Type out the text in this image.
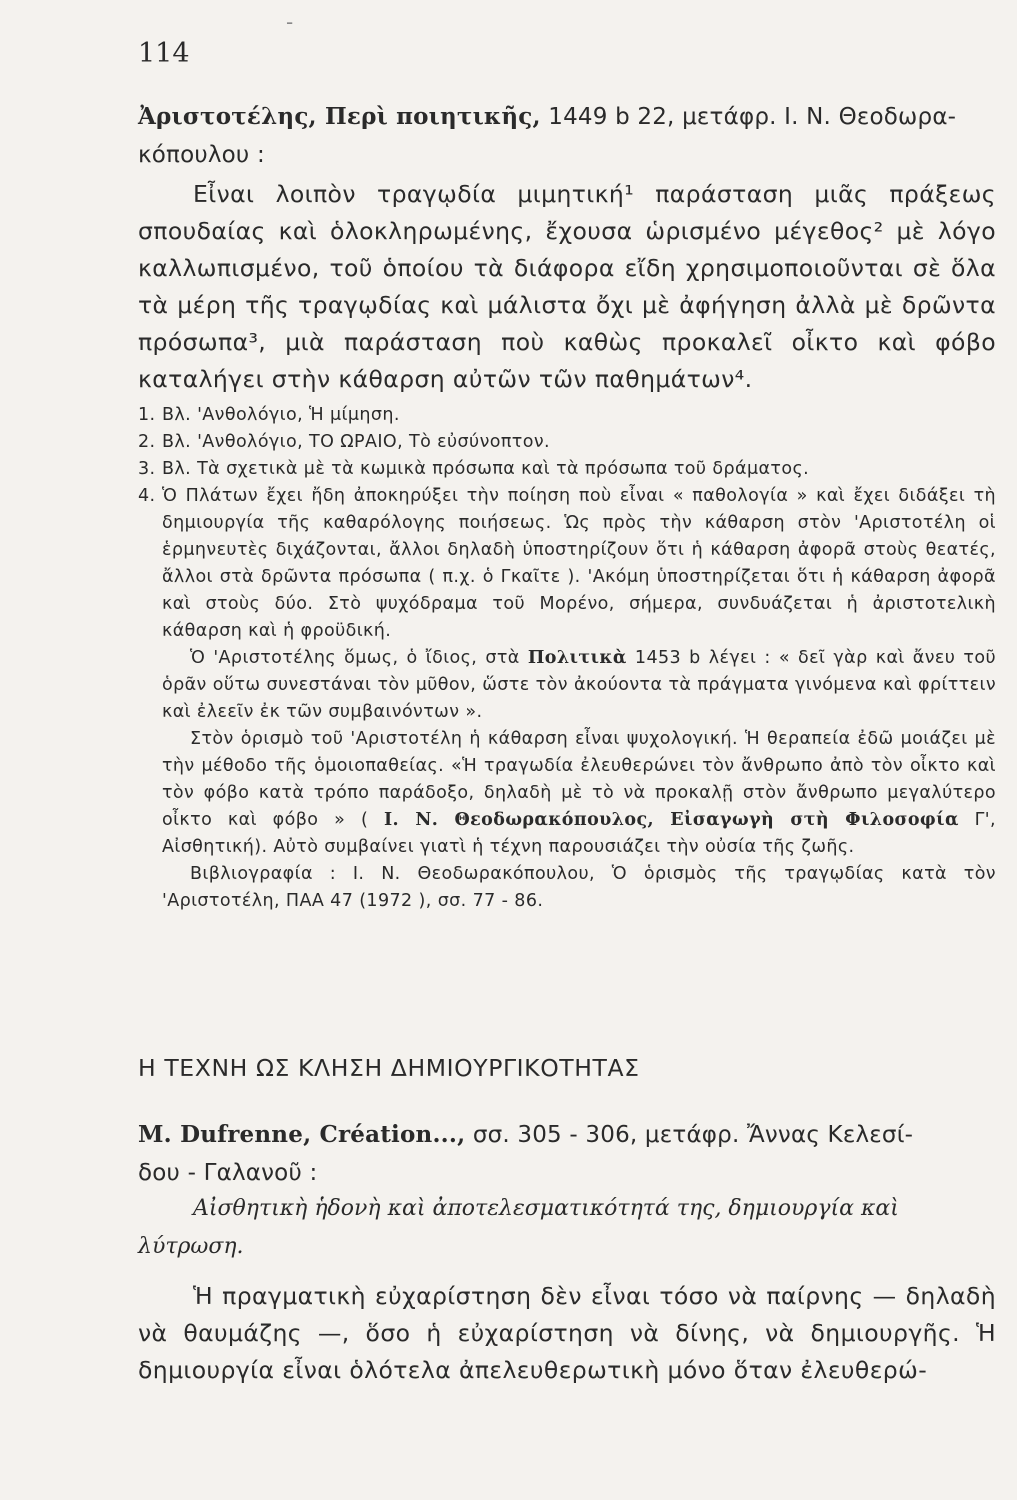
-
114
Ἀριστοτέλης, Περὶ ποιητικῆς, 1449 b 22, μετάφρ. Ι. Ν. Θεοδωρα-
κόπουλου :
Εἶναι λοιπὸν τραγῳδία μιμητική¹ παράσταση μιᾶς πράξεως σπουδαίας καὶ ὁλοκληρωμένης, ἔχουσα ὡρισμένο μέγεθος² μὲ λόγο καλλωπισμένο, τοῦ ὁποίου τὰ διάφορα εἴδη χρησιμοποιοῦνται σὲ ὅλα τὰ μέρη τῆς τραγῳδίας καὶ μάλιστα ὄχι μὲ ἀφήγηση ἀλλὰ μὲ δρῶντα πρόσωπα³, μιὰ παράσταση ποὺ καθὼς προκαλεῖ οἶκτο καὶ φόβο καταλήγει στὴν κάθαρση αὐτῶν τῶν παθημάτων⁴.
1. Βλ. 'Ανθολόγιο, Ἡ μίμηση.
2. Βλ. 'Ανθολόγιο, ΤΟ ΩΡΑΙΟ, Τὸ εὐσύνοπτον.
3. Βλ. Τὰ σχετικὰ μὲ τὰ κωμικὰ πρόσωπα καὶ τὰ πρόσωπα τοῦ δράματος.
4. Ὁ Πλάτων ἔχει ἤδη ἀποκηρύξει τὴν ποίηση ποὺ εἶναι « παθολογία » καὶ ἔχει διδάξει τὴ δημιουργία τῆς καθαρόλογης ποιήσεως. Ὡς πρὸς τὴν κάθαρση στὸν 'Αριστοτέλη οἱ ἑρμηνευτὲς διχάζονται, ἄλλοι δηλαδὴ ὑποστηρίζουν ὅτι ἡ κάθαρση ἀφορᾶ στοὺς θεατές, ἄλλοι στὰ δρῶντα πρόσωπα ( π.χ. ὁ Γκαῖτε ). 'Ακόμη ὑποστηρίζεται ὅτι ἡ κάθαρση ἀφορᾶ καὶ στοὺς δύο. Στὸ ψυχόδραμα τοῦ Μορένο, σήμερα, συνδυάζεται ἡ ἀριστοτελικὴ κάθαρση καὶ ἡ φροϋδική.
Ὁ 'Αριστοτέλης ὅμως, ὁ ἴδιος, στὰ Πολιτικὰ 1453 b λέγει : « δεῖ γὰρ καὶ ἄνευ τοῦ ὁρᾶν οὕτω συνεστάναι τὸν μῦθον, ὥστε τὸν ἀκούοντα τὰ πράγματα γινόμενα καὶ φρίττειν καὶ ἐλεεῖν ἐκ τῶν συμβαινόντων ».
Στὸν ὁρισμὸ τοῦ 'Αριστοτέλη ἡ κάθαρση εἶναι ψυχολογική. Ἡ θεραπεία ἐδῶ μοιάζει μὲ τὴν μέθοδο τῆς ὁμοιοπαθείας. «Ἡ τραγωδία ἐλευθερώνει τὸν ἄνθρωπο ἀπὸ τὸν οἶκτο καὶ τὸν φόβο κατὰ τρόπο παράδοξο, δηλαδὴ μὲ τὸ νὰ προκαλῇ στὸν ἄνθρωπο μεγαλύτερο οἶκτο καὶ φόβο » ( Ι. Ν. Θεοδωρακόπουλος, Εἰσαγωγὴ στὴ Φιλοσοφία Γ', Αἰσθητική). Αὐτὸ συμβαίνει γιατὶ ἡ τέχνη παρουσιάζει τὴν οὐσία τῆς ζωῆς.
Βιβλιογραφία : Ι. Ν. Θεοδωρακόπουλου, Ὁ ὁρισμὸς τῆς τραγῳδίας κατὰ τὸν 'Αριστοτέλη, ΠΑΑ 47 (1972 ), σσ. 77 - 86.
Η ΤΕΧΝΗ ΩΣ ΚΛΗΣΗ ΔΗΜΙΟΥΡΓΙΚΟΤΗΤΑΣ
M. Dufrenne, Création..., σσ. 305 - 306, μετάφρ. Ἄννας Κελεσί-
δου - Γαλανοῦ :
Αἰσθητικὴ ἡδονὴ καὶ ἀποτελεσματικότητά της, δημιουργία καὶ λύτρωση.
Ἡ πραγματικὴ εὐχαρίστηση δὲν εἶναι τόσο νὰ παίρνης — δηλαδὴ νὰ θαυμάζης —, ὅσο ἡ εὐχαρίστηση νὰ δίνης, νὰ δημιουργῆς. Ἡ δημιουργία εἶναι ὁλότελα ἀπελευθερωτικὴ μόνο ὅταν ἐλευθερώ-
